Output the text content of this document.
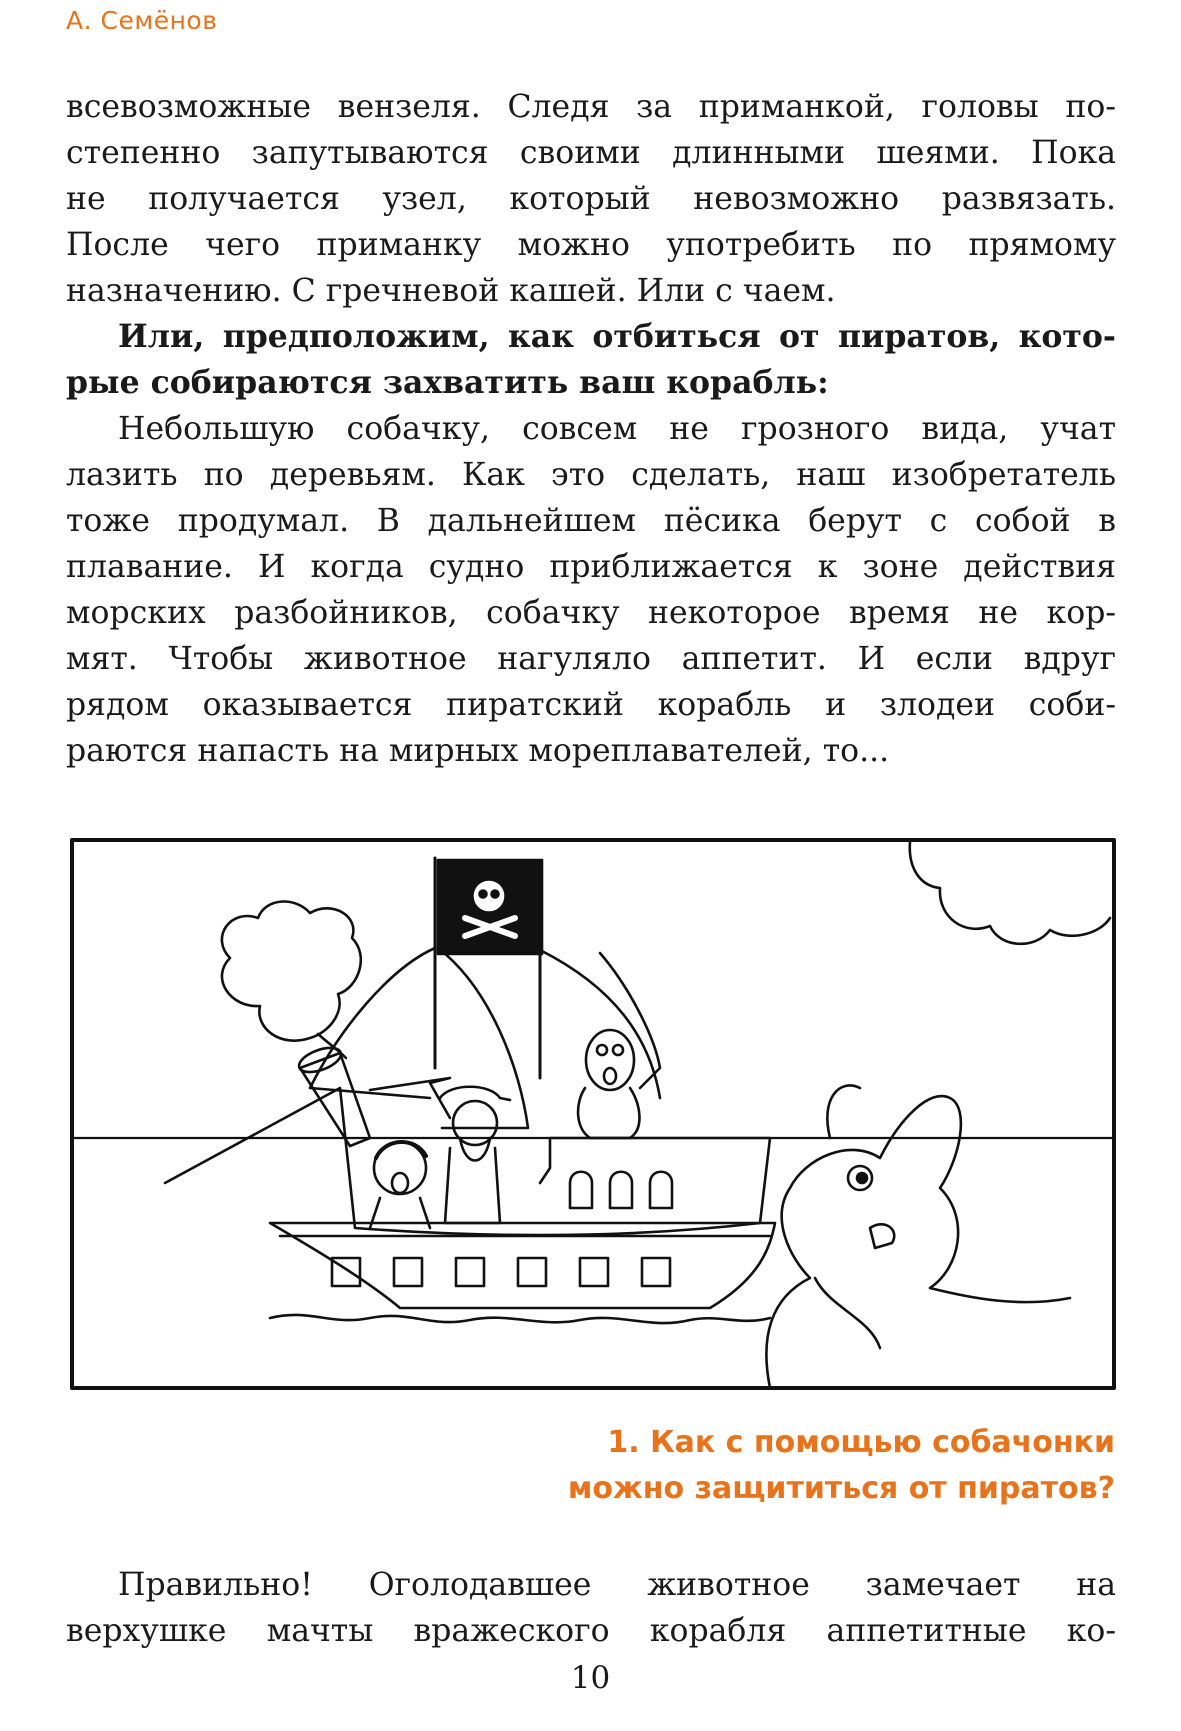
А. Семёнов

всевозможные вензеля. Следя за приманкой, головы по-
степенно запутываются своими длинными шеями. Пока
не получается узел, который невозможно развязать.
После чего приманку можно употребить по прямому
назначению. С гречневой кашей. Или с чаем.

Или, предположим, как отбиться от пиратов, кото-
рые собираются захватить ваш корабль:

Небольшую собачку, совсем не грозного вида, учат
лазить по деревьям. Как это сделать, наш изобретатель
тоже продумал. В дальнейшем пёсика берут с собой в
плавание. И когда судно приближается к зоне действия
морских разбойников, собачку некоторое время не кор-
мят. Чтобы животное нагуляло аппетит. И если вдруг
рядом оказывается пиратский корабль и злодеи соби-
раются напасть на мирных мореплавателей, то...

1. Как с помощью собачонки
можно защититься от пиратов?

Правильно! Оголодавшее животное замечает на
верхушке мачты вражеского корабля аппетитные ко-

10
